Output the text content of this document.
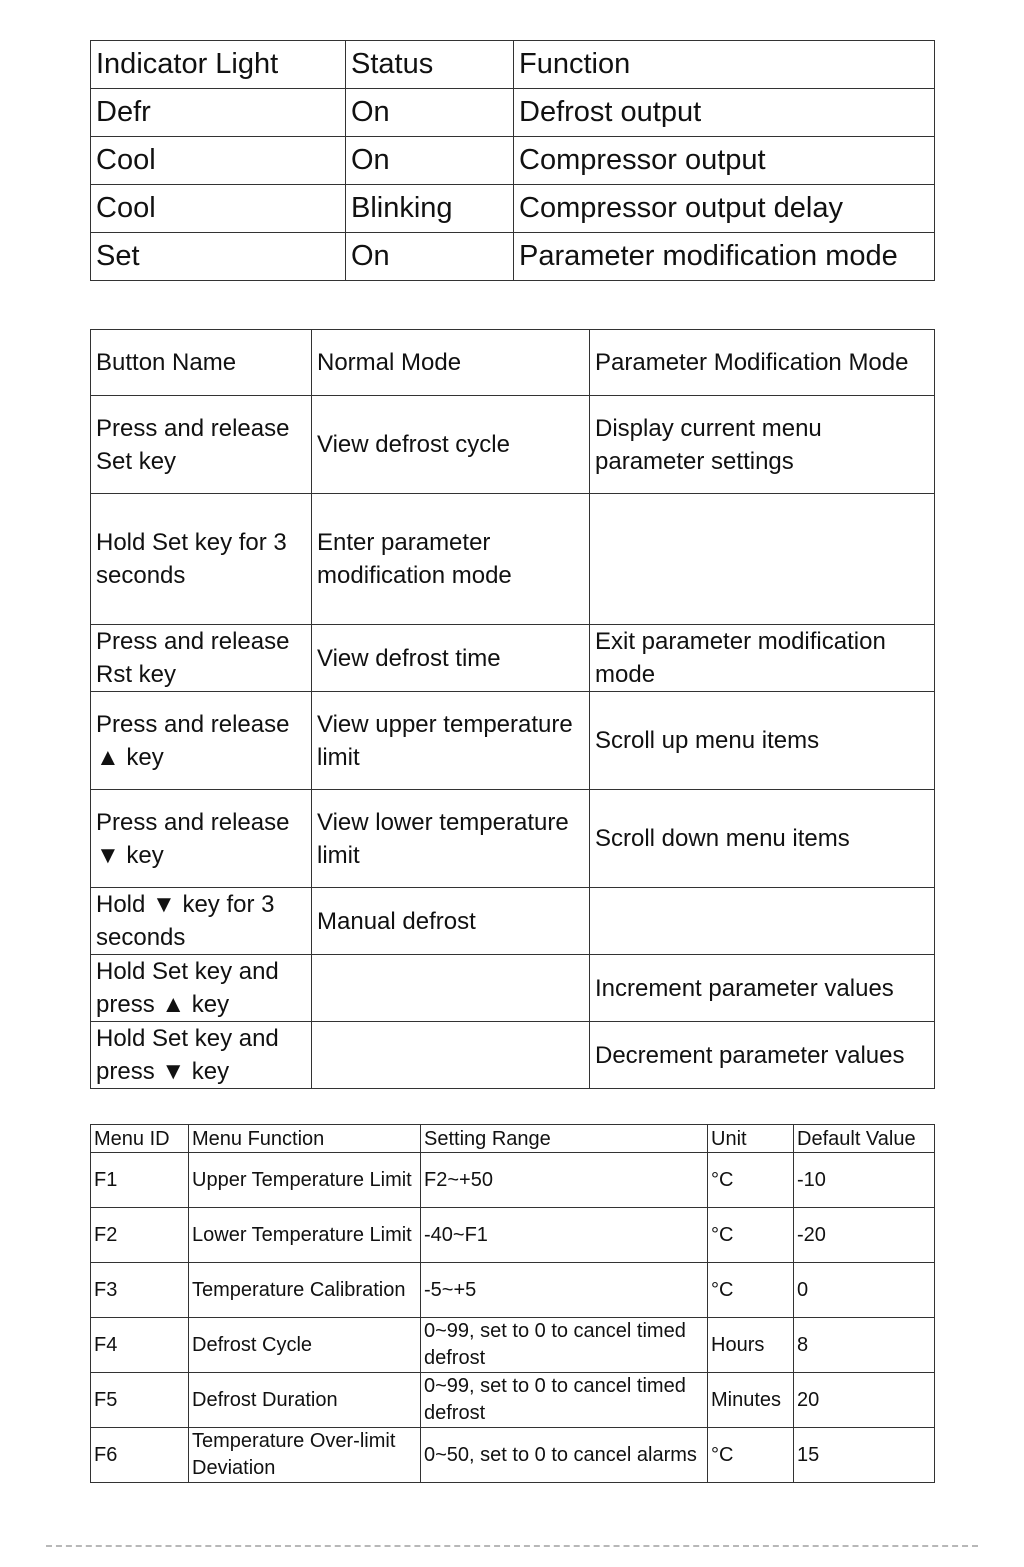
Indicator Light	Status	Function
Defr	On	Defrost output
Cool	On	Compressor output
Cool	Blinking	Compressor output delay
Set	On	Parameter modification mode
Button Name	Normal Mode	Parameter Modification Mode
Press and release Set key	View defrost cycle	Display current menu parameter settings
Hold Set key for 3 seconds	Enter parameter modification mode	
Press and release Rst key	View defrost time	Exit parameter modification mode
Press and release ▲ key	View upper temperature limit	Scroll up menu items
Press and release ▼ key	View lower temperature limit	Scroll down menu items
Hold ▼ key for 3 seconds	Manual defrost	
Hold Set key and press ▲ key		Increment parameter values
Hold Set key and press ▼ key		Decrement parameter values
Menu ID	Menu Function	Setting Range	Unit	Default Value
F1	Upper Temperature Limit	F2~+50	°C	-10
F2	Lower Temperature Limit	-40~F1	°C	-20
F3	Temperature Calibration	-5~+5	°C	0
F4	Defrost Cycle	0~99, set to 0 to cancel timed defrost	Hours	8
F5	Defrost Duration	0~99, set to 0 to cancel timed defrost	Minutes	20
F6	Temperature Over-limit Deviation	0~50, set to 0 to cancel alarms	°C	15
